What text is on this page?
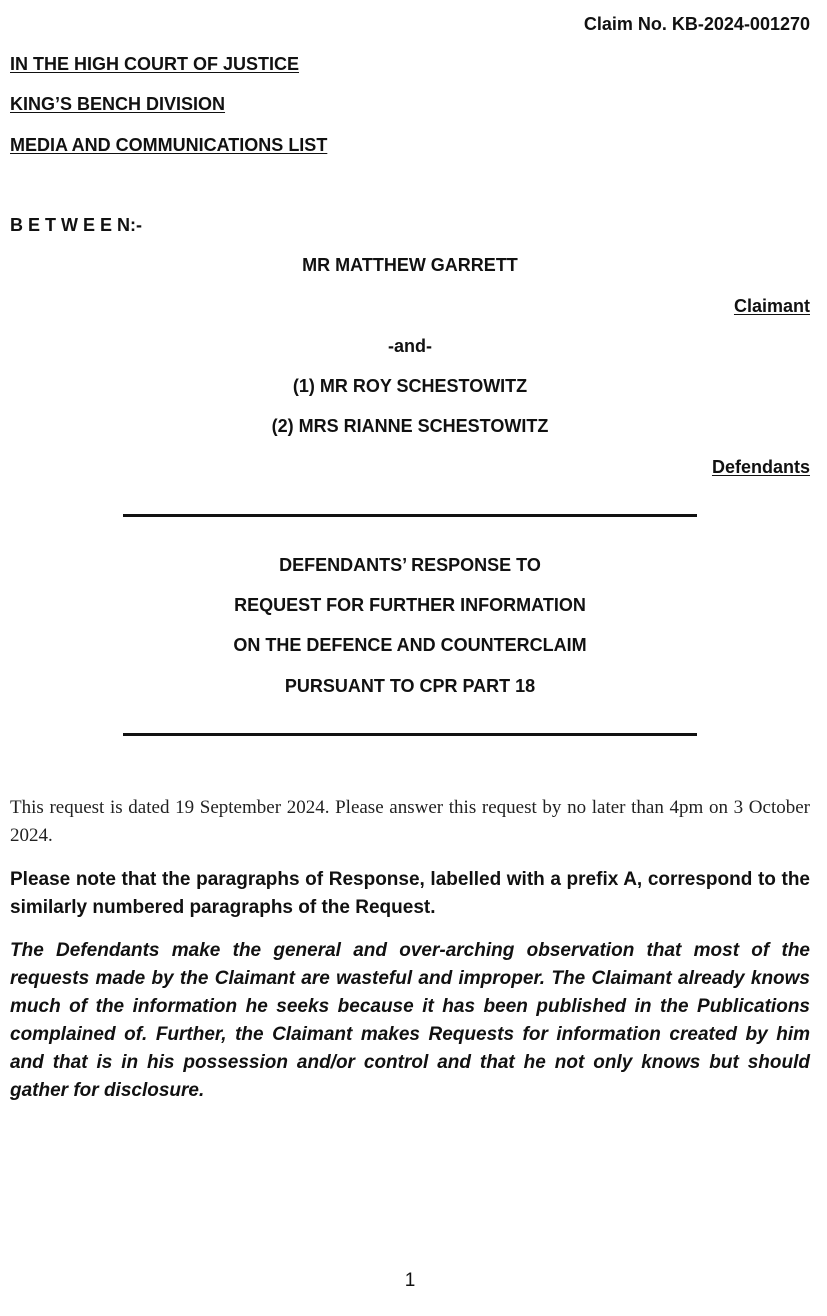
Claim No. KB-2024-001270
IN THE HIGH COURT OF JUSTICE
KING’S BENCH DIVISION
MEDIA AND COMMUNICATIONS LIST
B E T W E E N:-
MR MATTHEW GARRETT
Claimant
-and-
(1) MR ROY SCHESTOWITZ
(2) MRS RIANNE SCHESTOWITZ
Defendants
DEFENDANTS’ RESPONSE TO
REQUEST FOR FURTHER INFORMATION
ON THE DEFENCE AND COUNTERCLAIM
PURSUANT TO CPR PART 18
This request is dated 19 September 2024. Please answer this request by no later than 4pm on 3 October 2024.
Please note that the paragraphs of Response, labelled with a prefix A, correspond to the similarly numbered paragraphs of the Request.
The Defendants make the general and over-arching observation that most of the requests made by the Claimant are wasteful and improper. The Claimant already knows much of the information he seeks because it has been published in the Publications complained of. Further, the Claimant makes Requests for information created by him and that is in his possession and/or control and that he not only knows but should gather for disclosure.
1
